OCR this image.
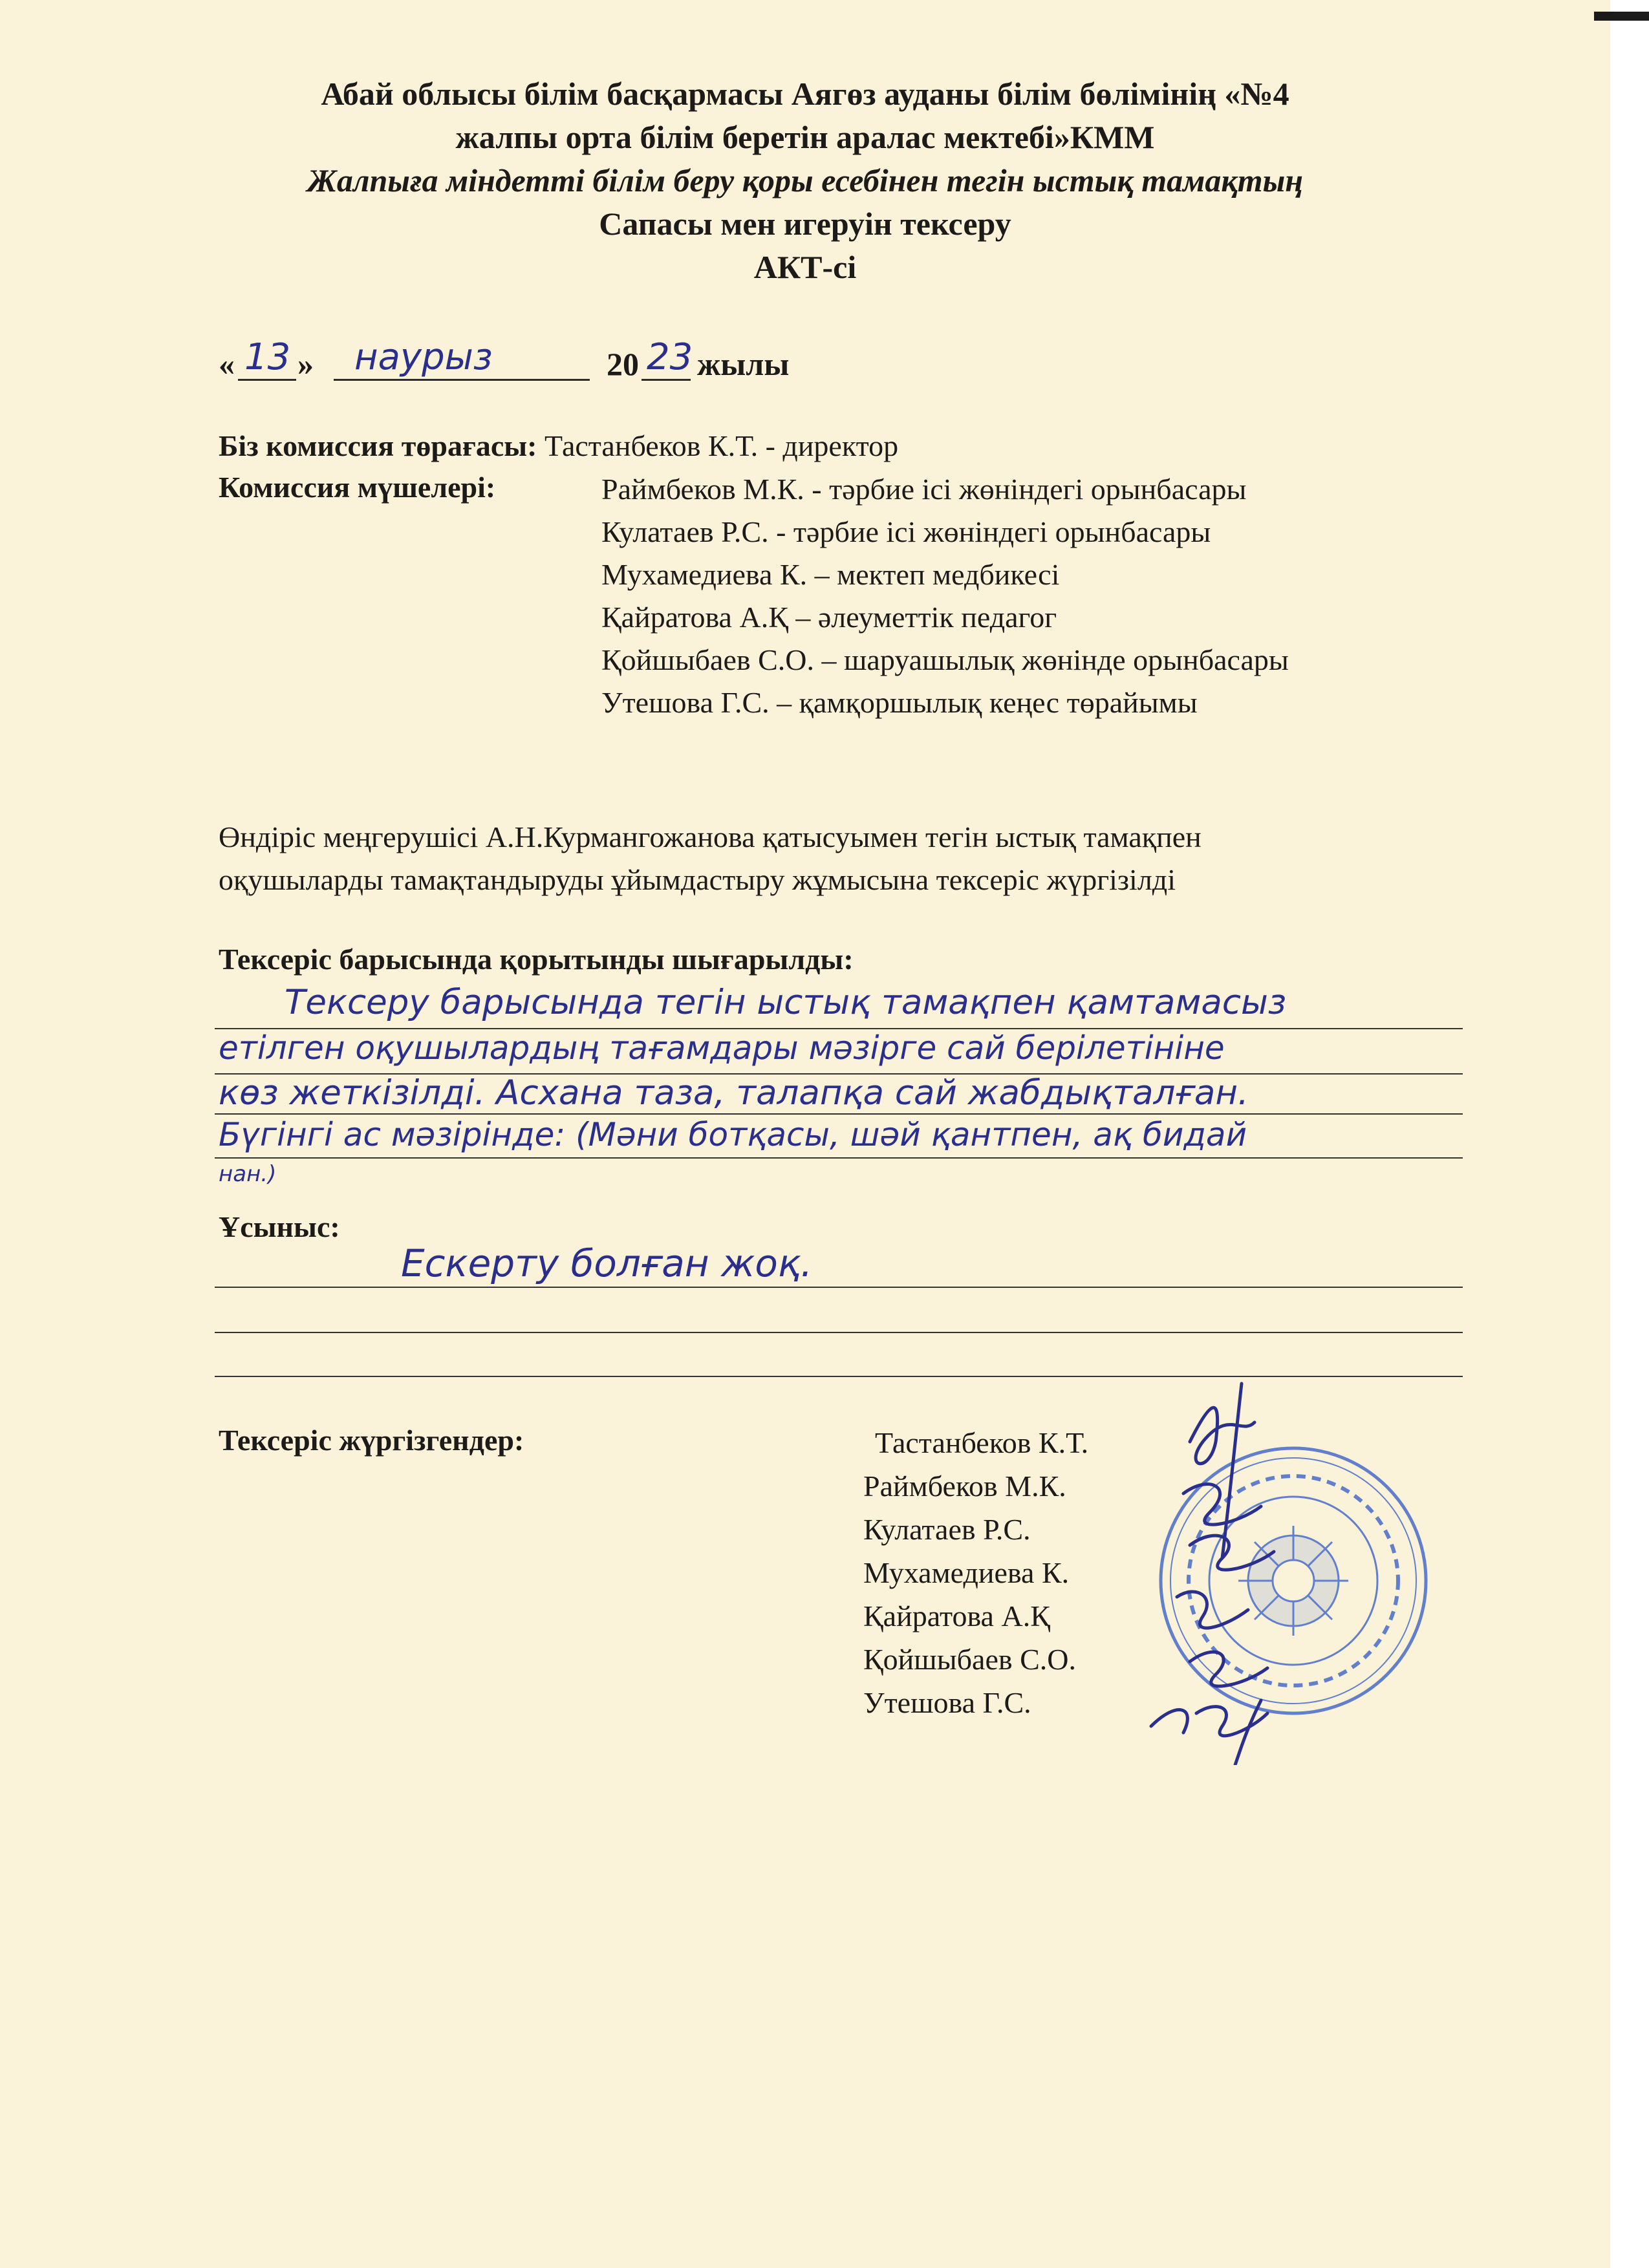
Абай облысы білім басқармасы Аягөз ауданы білім бөлімінің «№4
жалпы орта білім беретін аралас мектебі»КММ
Жалпыға міндетті білім беру қоры есебінен тегін ыстық тамақтың
Сапасы мен игеруін тексеру
АКТ-сі
« 13 » наурыз	20 23 жылы
Біз комиссия төрағасы: Тастанбеков К.Т. - директор
Комиссия мүшелері:	Раймбеков М.К. - тәрбие ісі жөніндегі орынбасары
Кулатаев Р.С. - тәрбие ісі жөніндегі орынбасары
Мухамедиева К. – мектеп медбикесі
Қайратова А.Қ – әлеуметтік педагог
Қойшыбаев С.О. – шаруашылық жөнінде орынбасары
Утешова Г.С. – қамқоршылық кеңес төрайымы
Өндіріс меңгерушісі А.Н.Курмангожанова қатысуымен тегін ыстық тамақпен
оқушыларды тамақтандыруды ұйымдастыру жұмысына тексеріс жүргізілді
Тексеріс барысында қорытынды шығарылды:
Тексеру барысында тегін ыстық тамақпен қамтамасыз
етілген оқушылардың тағамдары мәзірге сай берілетініне
көз жеткізілді. Асхана таза, талапқа сай жабдықталған.
Бүгінгі ас мәзірінде: (Мәни ботқасы, шәй қантпен, ақ бидай
нан.)
Ұсыныс:
Ескерту болған жоқ.
Тексеріс жүргізгендер:	Тастанбеков К.Т.
Раймбеков М.К.
Кулатаев Р.С.
Мухамедиева К.
Қайратова А.Қ
Қойшыбаев С.О.
Утешова Г.С.
